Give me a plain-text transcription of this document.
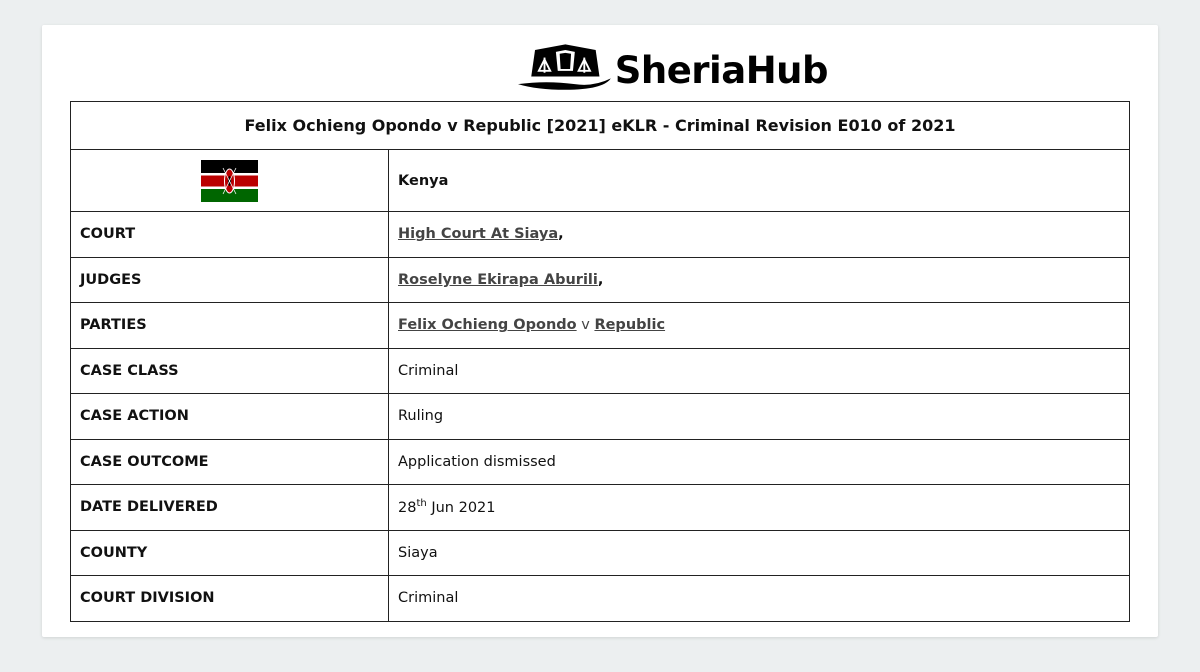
SheriaHub
Felix Ochieng Opondo v Republic [2021] eKLR - Criminal Revision E010 of 2021	
	Kenya
COURT	High Court At Siaya,
JUDGES	Roselyne Ekirapa Aburili,
PARTIES	Felix Ochieng Opondo v Republic
CASE CLASS	Criminal
CASE ACTION	Ruling
CASE OUTCOME	Application dismissed
DATE DELIVERED	28th Jun 2021
COUNTY	Siaya
COURT DIVISION	Criminal
